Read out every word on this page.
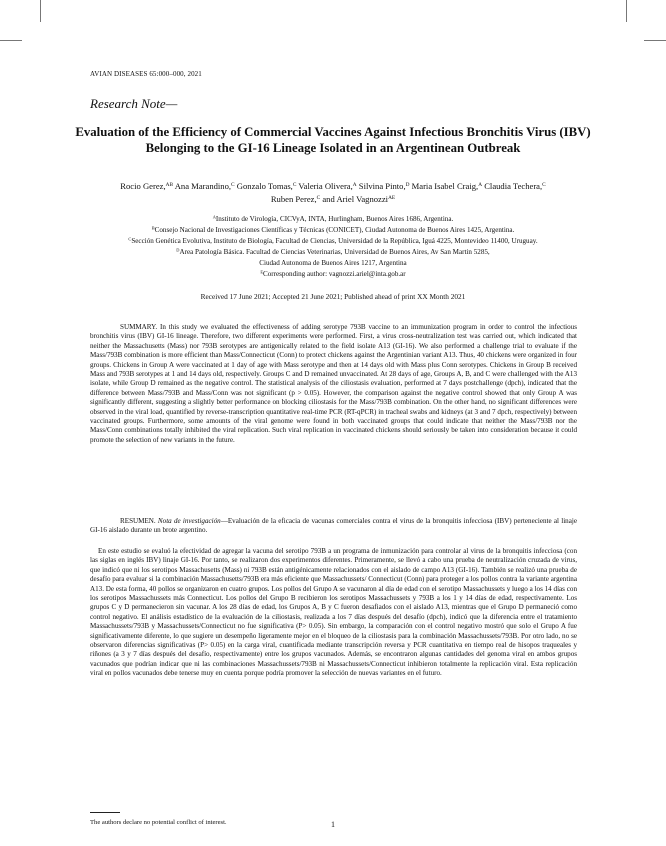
AVIAN DISEASES 65:000–000, 2021
Research Note—
Evaluation of the Efficiency of Commercial Vaccines Against Infectious Bronchitis Virus (IBV) Belonging to the GI-16 Lineage Isolated in an Argentinean Outbreak
Rocio Gerez,$^{AB}$ Ana Marandino,$^C$ Gonzalo Tomas,$^C$ Valeria Olivera,$^A$ Silvina Pinto,$^D$ Maria Isabel Craig,$^A$ Claudia Techera,$^C$
Ruben Perez,$^C$ and Ariel Vagnozzi$^{AE}$
$^A$Instituto de Virología, CICVyA, INTA, Hurlingham, Buenos Aires 1686, Argentina.
$^B$Consejo Nacional de Investigaciones Científicas y Técnicas (CONICET), Ciudad Autonoma de Buenos Aires 1425, Argentina.
$^C$Sección Genética Evolutiva, Instituto de Biología, Facultad de Ciencias, Universidad de la República, Iguá 4225, Montevideo 11400, Uruguay.
$^D$Area Patología Básica. Facultad de Ciencias Veterinarias, Universidad de Buenos Aires, Av San Martin 5285,
Ciudad Autonoma de Buenos Aires 1217, Argentina
$^E$Corresponding author: vagnozzi.ariel@inta.gob.ar
Received 17 June 2021; Accepted 21 June 2021; Published ahead of print XX Month 2021

SUMMARY. In this study we evaluated the effectiveness of adding serotype 793B vaccine to an immunization program in order to control the infectious bronchitis virus (IBV) GI-16 lineage. Therefore, two different experiments were performed. First, a virus cross-neutralization test was carried out, which indicated that neither the Massachusetts (Mass) nor 793B serotypes are antigenically related to the field isolate A13 (GI-16). We also performed a challenge trial to evaluate if the Mass/793B combination is more efficient than Mass/Connecticut (Conn) to protect chickens against the Argentinian variant A13. Thus, 40 chickens were organized in four groups. Chickens in Group A were vaccinated at 1 day of age with Mass serotype and then at 14 days old with Mass plus Conn serotypes. Chickens in Group B received Mass and 793B serotypes at 1 and 14 days old, respectively. Groups C and D remained unvaccinated. At 28 days of age, Groups A, B, and C were challenged with the A13 isolate, while Group D remained as the negative control. The statistical analysis of the ciliostasis evaluation, performed at 7 days postchallenge (dpch), indicated that the difference between Mass/793B and Mass/Conn was not significant (p > 0.05). However, the comparison against the negative control showed that only Group A was significantly different, suggesting a slightly better performance on blocking ciliostasis for the Mass/793B combination. On the other hand, no significant differences were observed in the viral load, quantified by reverse-transcription quantitative real-time PCR (RT-qPCR) in tracheal swabs and kidneys (at 3 and 7 dpch, respectively) between vaccinated groups. Furthermore, some amounts of the viral genome were found in both vaccinated groups that could indicate that neither the Mass/793B nor the Mass/Conn combinations totally inhibited the viral replication. Such viral replication in vaccinated chickens should seriously be taken into consideration because it could promote the selection of new variants in the future.

RESUMEN. Nota de investigación—Evaluación de la eficacia de vacunas comerciales contra el virus de la bronquitis infecciosa (IBV) perteneciente al linaje GI-16 aislado durante un brote argentino.

En este estudio se evaluó la efectividad de agregar la vacuna del serotipo 793B a un programa de inmunización para controlar al virus de la bronquitis infecciosa (con las siglas en inglés IBV) linaje GI-16. Por tanto, se realizaron dos experimentos diferentes. Primeramente, se llevó a cabo una prueba de neutralización cruzada de virus, que indicó que ni los serotipos Massachusetts (Mass) ni 793B están antigénicamente relacionados con el aislado de campo A13 (GI-16). También se realizó una prueba de desafío para evaluar si la combinación Massachusetts/793B era más eficiente que Massachussets/ Connecticut (Conn) para proteger a los pollos contra la variante argentina A13. De esta forma, 40 pollos se organizaron en cuatro grupos. Los pollos del Grupo A se vacunaron al día de edad con el serotipo Massachussets y luego a los 14 días con los serotipos Massachussets más Connecticut. Los pollos del Grupo B recibieron los serotipos Massachussets y 793B a los 1 y 14 días de edad, respectivamente. Los grupos C y D permanecieron sin vacunar. A los 28 días de edad, los Grupos A, B y C fueron desafiados con el aislado A13, mientras que el Grupo D permaneció como control negativo. El análisis estadístico de la evaluación de la ciliostasis, realizada a los 7 días después del desafío (dpch), indicó que la diferencia entre el tratamiento Massachussets/793B y Massachussets/Connecticut no fue significativa (P> 0.05). Sin embargo, la comparación con el control negativo mostró que solo el Grupo A fue significativamente diferente, lo que sugiere un desempeño ligeramente mejor en el bloqueo de la ciliostasis para la combinación Massachussets/793B. Por otro lado, no se observaron diferencias significativas (P> 0.05) en la carga viral, cuantificada mediante transcripción reversa y PCR cuantitativa en tiempo real de hisopos traqueales y riñones (a 3 y 7 días después del desafío, respectivamente) entre los grupos vacunados. Además, se encontraron algunas cantidades del genoma viral en ambos grupos vacunados que podrían indicar que ni las combinaciones Massachussets/793B ni Massachussets/Connecticut inhibieron totalmente la replicación viral. Esta replicación viral en pollos vacunados debe tenerse muy en cuenta porque podría promover la selección de nuevas variantes en el futuro.

The authors declare no potential conflict of interest.	1
